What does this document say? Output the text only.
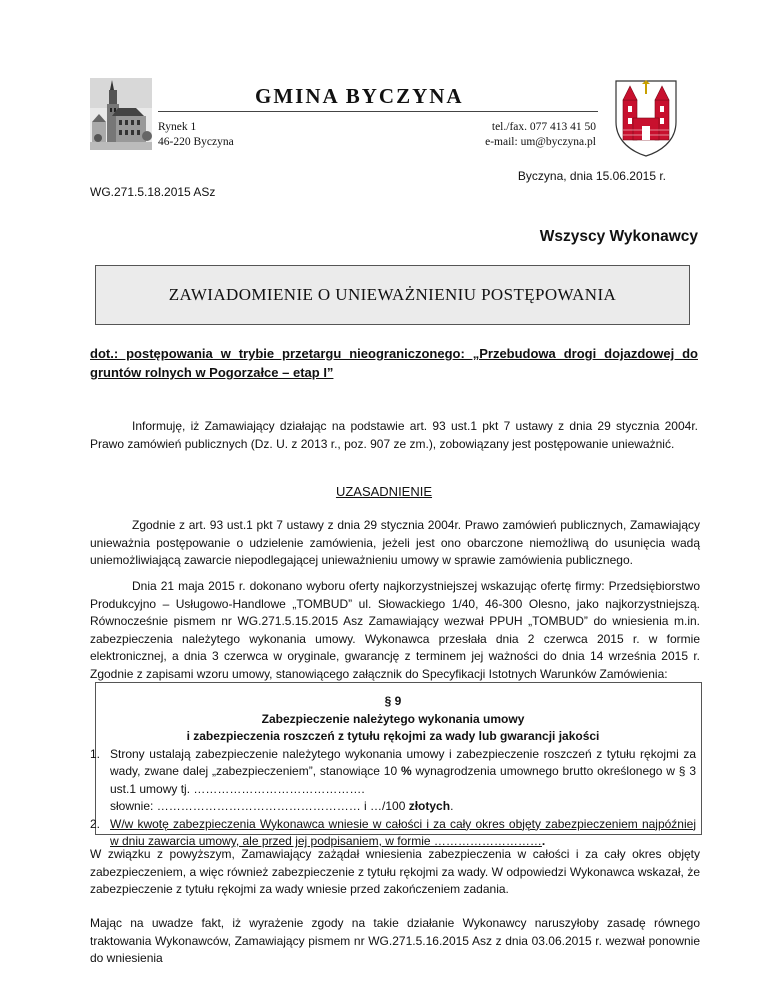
GMINA BYCZYNA
Rynek 1
46-220 Byczyna
tel./fax. 077 413 41 50
e-mail: um@byczyna.pl
Byczyna, dnia 15.06.2015 r.
WG.271.5.18.2015 ASz
Wszyscy Wykonawcy
ZAWIADOMIENIE O UNIEWAŻNIENIU POSTĘPOWANIA
dot.: postępowania w trybie przetargu nieograniczonego: „Przebudowa drogi dojazdowej do gruntów rolnych w Pogorzałce – etap I”
Informuję, iż Zamawiający działając na podstawie art. 93 ust.1 pkt 7 ustawy z dnia 29 stycznia 2004r. Prawo zamówień publicznych (Dz. U. z 2013 r., poz. 907 ze zm.), zobowiązany jest postępowanie unieważnić.
UZASADNIENIE
Zgodnie z art. 93 ust.1 pkt 7 ustawy z dnia 29 stycznia 2004r. Prawo zamówień publicznych, Zamawiający unieważnia postępowanie o udzielenie zamówienia, jeżeli jest ono obarczone niemożliwą do usunięcia wadą uniemożliwiającą zawarcie niepodlegającej unieważnieniu umowy w sprawie zamówienia publicznego.
Dnia 21 maja 2015 r. dokonano wyboru oferty najkorzystniejszej wskazując ofertę firmy: Przedsiębiorstwo Produkcyjno – Usługowo-Handlowe „TOMBUD” ul. Słowackiego 1/40, 46-300 Olesno, jako najkorzystniejszą. Równocześnie pismem nr WG.271.5.15.2015 Asz Zamawiający wezwał PPUH „TOMBUD” do wniesienia m.in. zabezpieczenia należytego wykonania umowy. Wykonawca przesłała dnia 2 czerwca 2015 r. w formie elektronicznej, a dnia 3 czerwca w oryginale, gwarancję z terminem jej ważności do dnia 14 września 2015 r. Zgodnie z zapisami wzoru umowy, stanowiącego załącznik do Specyfikacji Istotnych Warunków Zamówienia:
§ 9
Zabezpieczenie należytego wykonania umowy
i zabezpieczenia roszczeń z tytułu rękojmi za wady lub gwarancji jakości
1. Strony ustalają zabezpieczenie należytego wykonania umowy i zabezpieczenie roszczeń z tytułu rękojmi za wady, zwane dalej „zabezpieczeniem”, stanowiące 10 % wynagrodzenia umownego brutto określonego w § 3 ust.1 umowy tj. …………………………………….
słownie: …………………………………………… i …/100 złotych.
2. W/w kwotę zabezpieczenia Wykonawca wniesie w całości i za cały okres objęty zabezpieczeniem najpóźniej w dniu zawarcia umowy, ale przed jej podpisaniem, w formie ……………………….
W związku z powyższym, Zamawiający zażądał wniesienia zabezpieczenia w całości i za cały okres objęty zabezpieczeniem, a więc również zabezpieczenie z tytułu rękojmi za wady. W odpowiedzi Wykonawca wskazał, że zabezpieczenie z tytułu rękojmi za wady wniesie przed zakończeniem zadania.
Mając na uwadze fakt, iż wyrażenie zgody na takie działanie Wykonawcy naruszyłoby zasadę równego traktowania Wykonawców, Zamawiający pismem nr WG.271.5.16.2015 Asz z dnia 03.06.2015 r. wezwał ponownie do wniesienia
